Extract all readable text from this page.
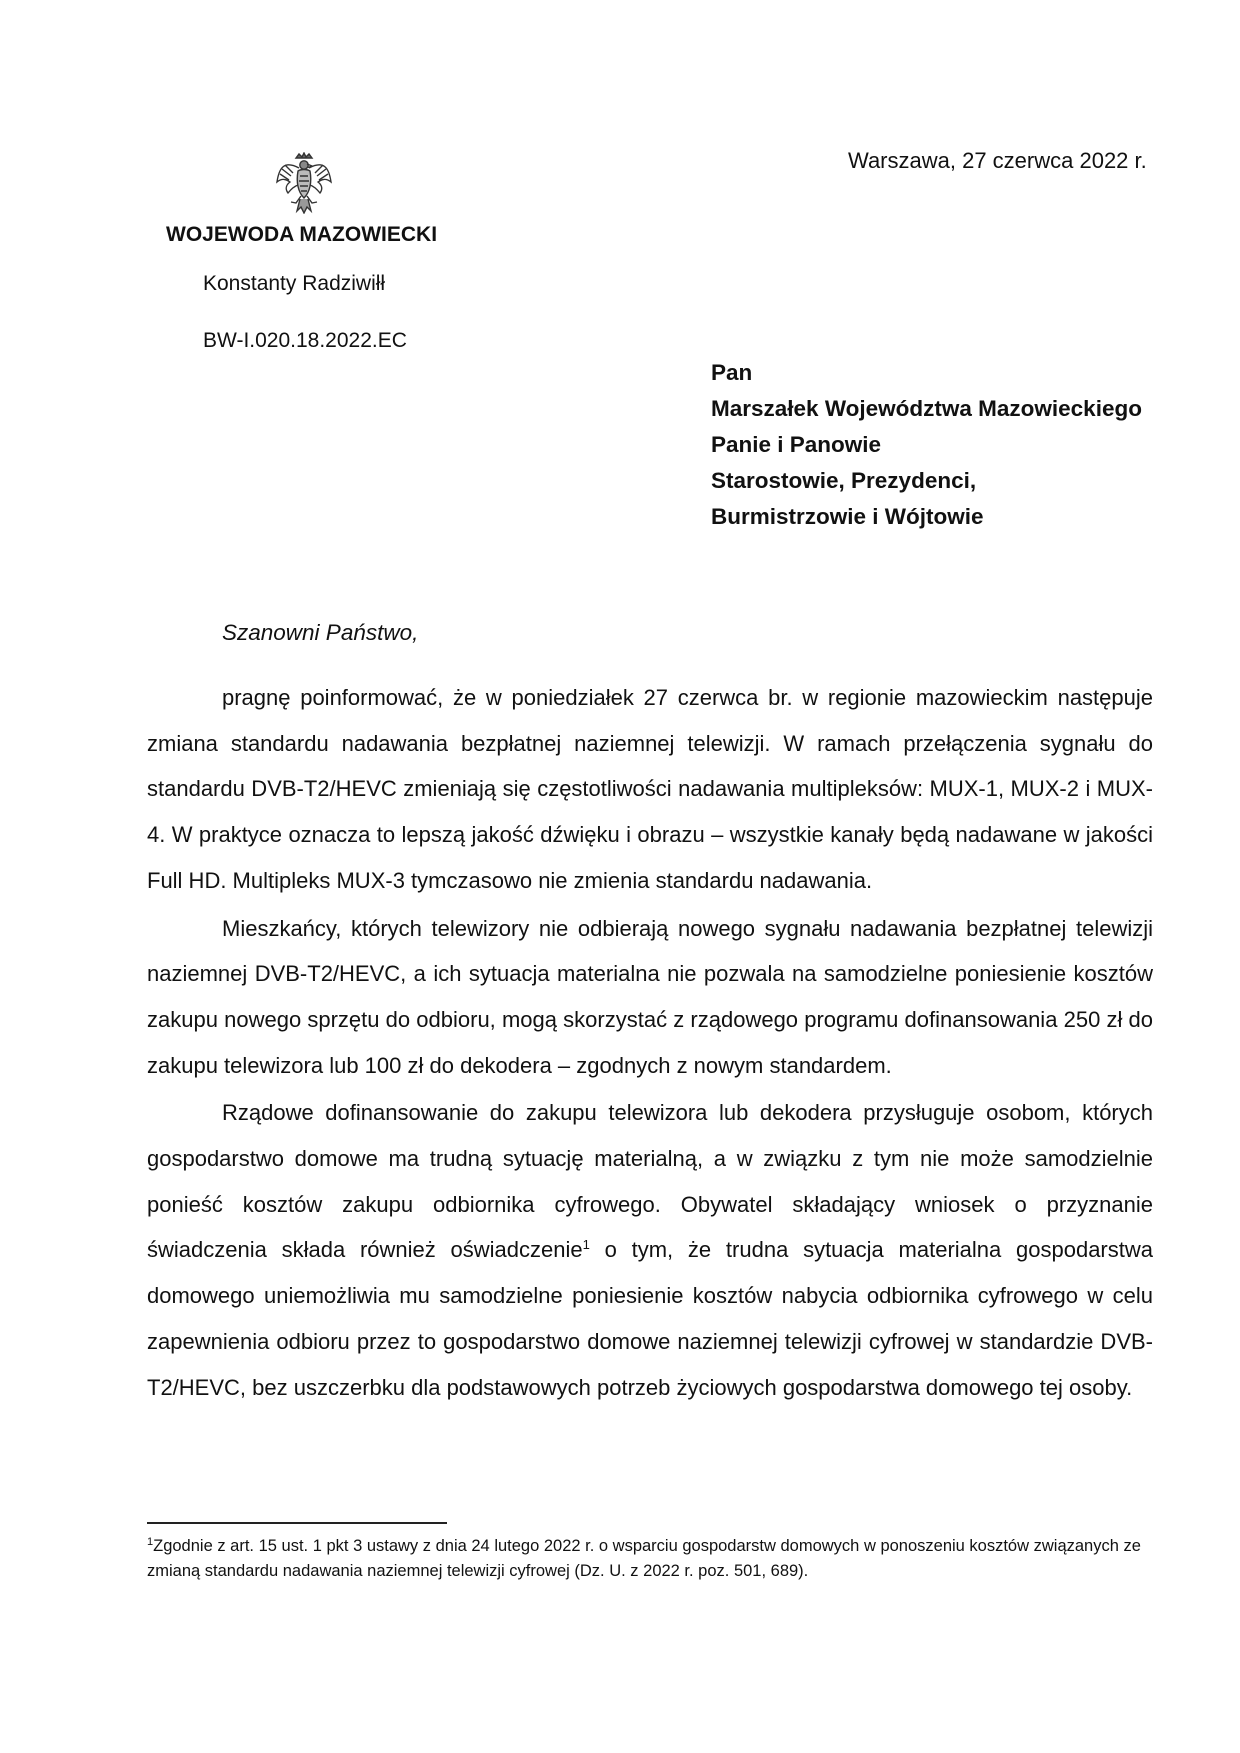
Warszawa, 27 czerwca 2022 r.
WOJEWODA MAZOWIECKI
Konstanty Radziwiłł
BW-I.020.18.2022.EC
Pan
Marszałek Województwa Mazowieckiego
Panie i Panowie
Starostowie, Prezydenci,
Burmistrzowie i Wójtowie
Szanowni Państwo,

pragnę poinformować, że w poniedziałek 27 czerwca br. w regionie mazowieckim następuje zmiana standardu nadawania bezpłatnej naziemnej telewizji. W ramach przełączenia sygnału do standardu DVB-T2/HEVC zmieniają się częstotliwości nadawania multipleksów: MUX-1, MUX-2 i MUX-4. W praktyce oznacza to lepszą jakość dźwięku i obrazu – wszystkie kanały będą nadawane w jakości Full HD. Multipleks MUX-3 tymczasowo nie zmienia standardu nadawania.

Mieszkańcy, których telewizory nie odbierają nowego sygnału nadawania bezpłatnej telewizji naziemnej DVB-T2/HEVC, a ich sytuacja materialna nie pozwala na samodzielne poniesienie kosztów zakupu nowego sprzętu do odbioru, mogą skorzystać z rządowego programu dofinansowania 250 zł do zakupu telewizora lub 100 zł do dekodera – zgodnych z nowym standardem.

Rządowe dofinansowanie do zakupu telewizora lub dekodera przysługuje osobom, których gospodarstwo domowe ma trudną sytuację materialną, a w związku z tym nie może samodzielnie ponieść kosztów zakupu odbiornika cyfrowego. Obywatel składający wniosek o przyznanie świadczenia składa również oświadczenie$^1$ o tym, że trudna sytuacja materialna gospodarstwa domowego uniemożliwia mu samodzielne poniesienie kosztów nabycia odbiornika cyfrowego w celu zapewnienia odbioru przez to gospodarstwo domowe naziemnej telewizji cyfrowej w standardzie DVB-T2/HEVC, bez uszczerbku dla podstawowych potrzeb życiowych gospodarstwa domowego tej osoby.

$^1$Zgodnie z art. 15 ust. 1 pkt 3 ustawy z dnia 24 lutego 2022 r. o wsparciu gospodarstw domowych w ponoszeniu kosztów związanych ze zmianą standardu nadawania naziemnej telewizji cyfrowej (Dz. U. z 2022 r. poz. 501, 689).
